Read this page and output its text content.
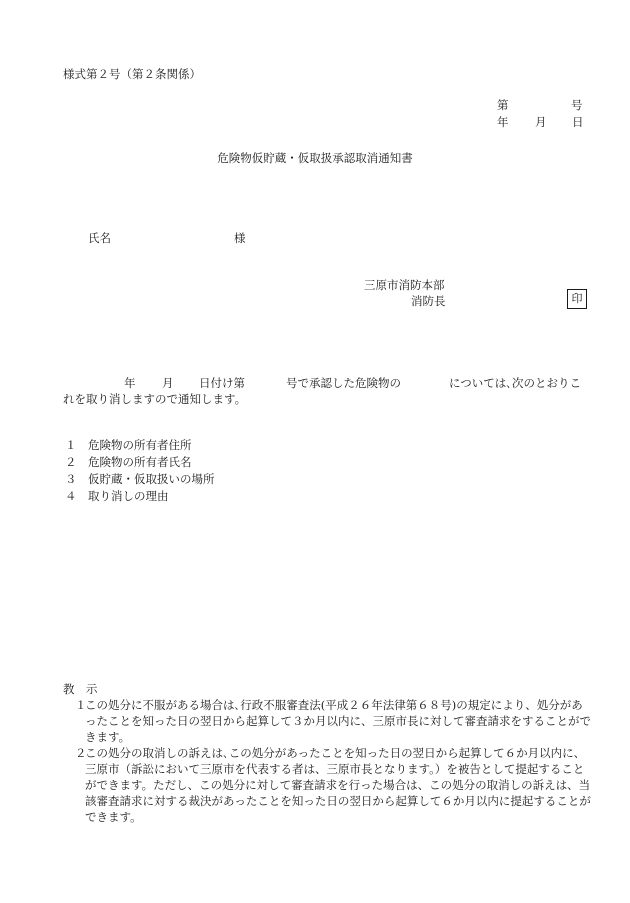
様式第２号（第２条関係）
第	号
年 月 日
危険物仮貯蔵・仮取扱承認取消通知書
氏名	様
三原市消防本部
消防長	印
年 月 日付け第	号で承認した危険物の	については､次のとおりこ
れを取り消しますので通知します。
１ 危険物の所有者住所
２ 危険物の所有者氏名
３ 仮貯蔵・仮取扱いの場所
４ 取り消しの理由
教　示

１
この処分に不服がある場合は､行政不服審査法(平成２６年法律第６８号)の規定により、処分があったことを知った日の翌日から起算して３か月以内に、三原市長に対して審査請求をすることができます。

２
この処分の取消しの訴えは､この処分があったことを知った日の翌日から起算して６か月以内に、三原市（訴訟において三原市を代表する者は、三原市長となります。）を被告として提起することができます。ただし、この処分に対して審査請求を行った場合は、この処分の取消しの訴えは、当該審査請求に対する裁決があったことを知った日の翌日から起算して６か月以内に提起することができます。
